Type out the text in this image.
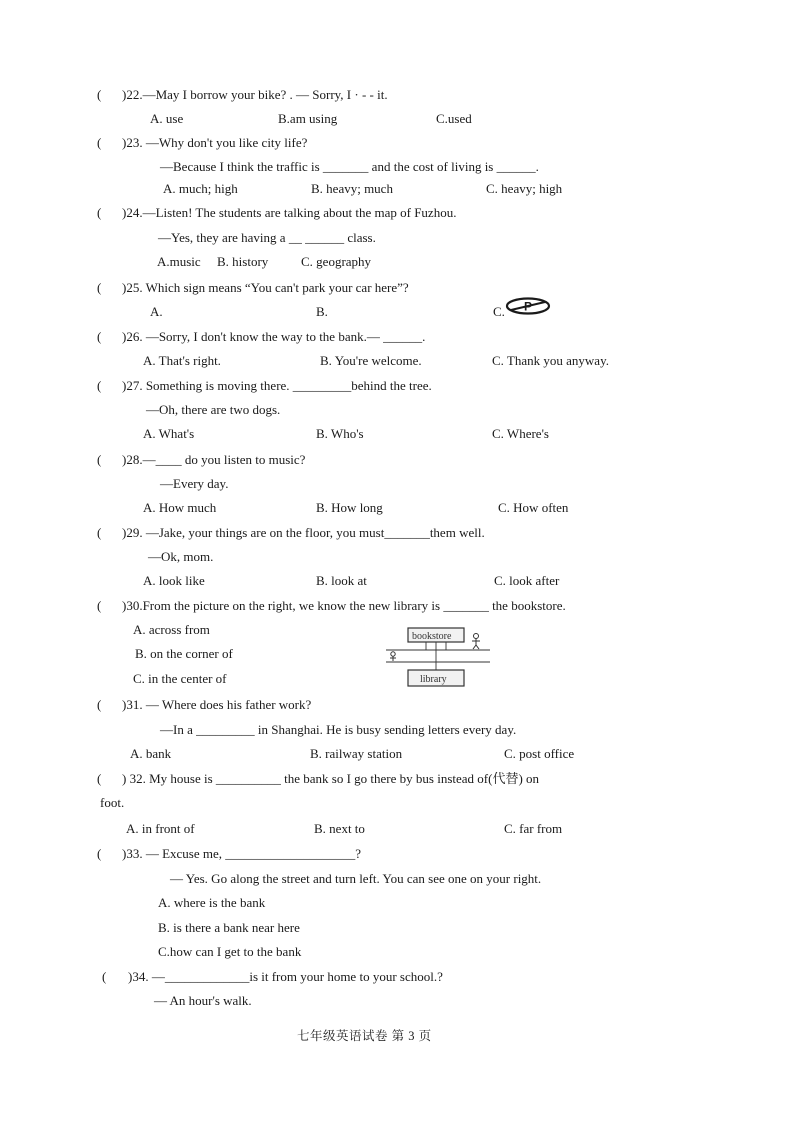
( )22.—May I borrow your bike? . — Sorry, I · - - it.
A. use	B.am using	C.used
( )23. —Why don't you like city life?
—Because I think the traffic is _______ and the cost of living is ______.
A. much; high	B. heavy; much	C. heavy; high
( )24.—Listen! The students are talking about the map of Fuzhou.
—Yes, they are having a __ ______ class.
A.music B. history	C. geography
( )25. Which sign means “You can't park your car here”?
A.	B.	C. P
( )26. —Sorry, I don't know the way to the bank.— ______.
A. That's right.	B. You're welcome.	C. Thank you anyway.
( )27. Something is moving there. _________behind the tree.
—Oh, there are two dogs.
A. What's	B. Who's	C. Where's
( )28.—____ do you listen to music?
—Every day.
A. How much	B. How long	C. How often
( )29. —Jake, your things are on the floor, you must_______them well.
—Ok, mom.
A. look like	B. look at	C. look after
( )30.From the picture on the right, we know the new library is _______ the bookstore.
A. across from
B. on the corner of
C. in the center of
bookstore
library
( )31. — Where does his father work?
—In a _________ in Shanghai. He is busy sending letters every day.
A. bank	B. railway station	C. post office
( ) 32. My house is __________ the bank so I go there by bus instead of(代替) on
foot.
A. in front of	B. next to	C. far from
( )33. — Excuse me, ____________________?
— Yes. Go along the street and turn left. You can see one on your right.
A. where is the bank
B. is there a bank near here
C.how can I get to the bank
( )34. —_____________is it from your home to your school.?
— An hour's walk.
七年级英语试卷 第 3 页
